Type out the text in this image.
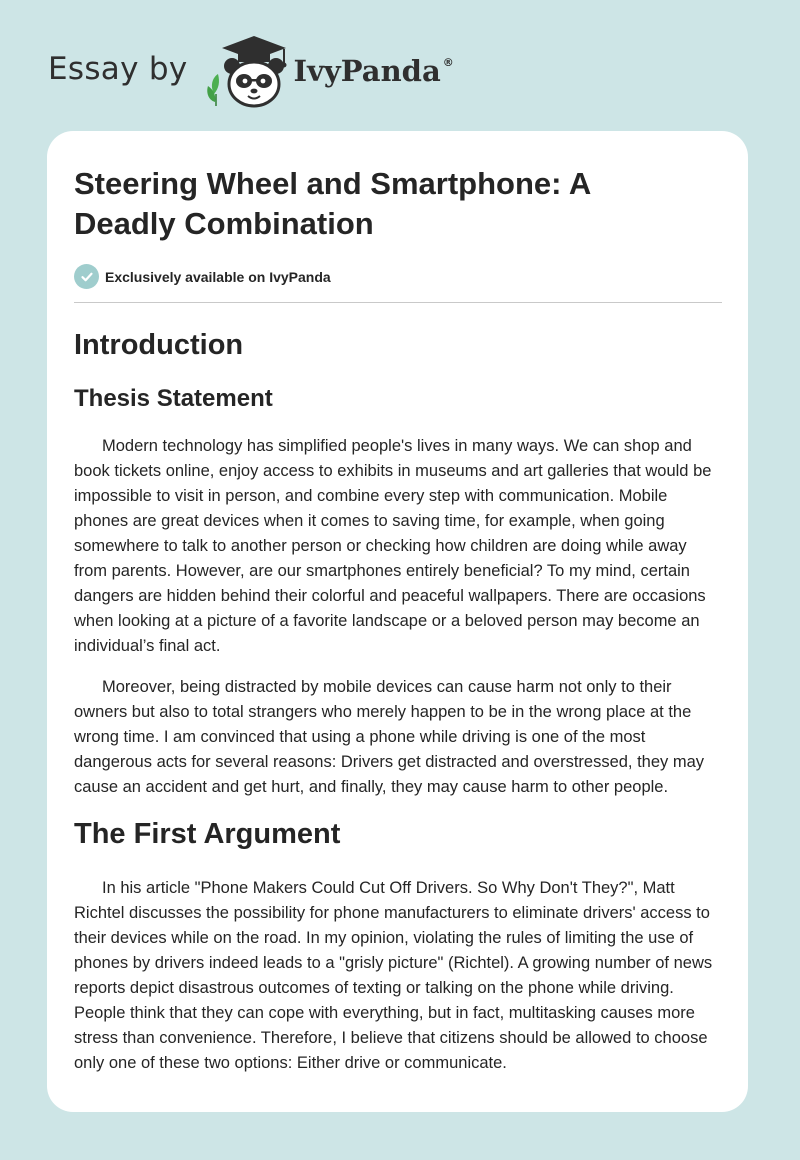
Essay by	IvyPanda ®
Steering Wheel and Smartphone: A Deadly Combination
Exclusively available on IvyPanda
Introduction
Thesis Statement

Modern technology has simplified people's lives in many ways. We can shop and book tickets online, enjoy access to exhibits in museums and art galleries that would be impossible to visit in person, and combine every step with communication. Mobile phones are great devices when it comes to saving time, for example, when going somewhere to talk to another person or checking how children are doing while away from parents. However, are our smartphones entirely beneficial? To my mind, certain dangers are hidden behind their colorful and peaceful wallpapers. There are occasions when looking at a picture of a favorite landscape or a beloved person may become an individual’s final act.

Moreover, being distracted by mobile devices can cause harm not only to their owners but also to total strangers who merely happen to be in the wrong place at the wrong time. I am convinced that using a phone while driving is one of the most dangerous acts for several reasons: Drivers get distracted and overstressed, they may cause an accident and get hurt, and finally, they may cause harm to other people.

The First Argument

In his article "Phone Makers Could Cut Off Drivers. So Why Don't They?", Matt Richtel discusses the possibility for phone manufacturers to eliminate drivers' access to their devices while on the road. In my opinion, violating the rules of limiting the use of phones by drivers indeed leads to a "grisly picture" (Richtel). A growing number of news reports depict disastrous outcomes of texting or talking on the phone while driving. People think that they can cope with everything, but in fact, multitasking causes more stress than convenience. Therefore, I believe that citizens should be allowed to choose only one of these two options: Either drive or communicate.
